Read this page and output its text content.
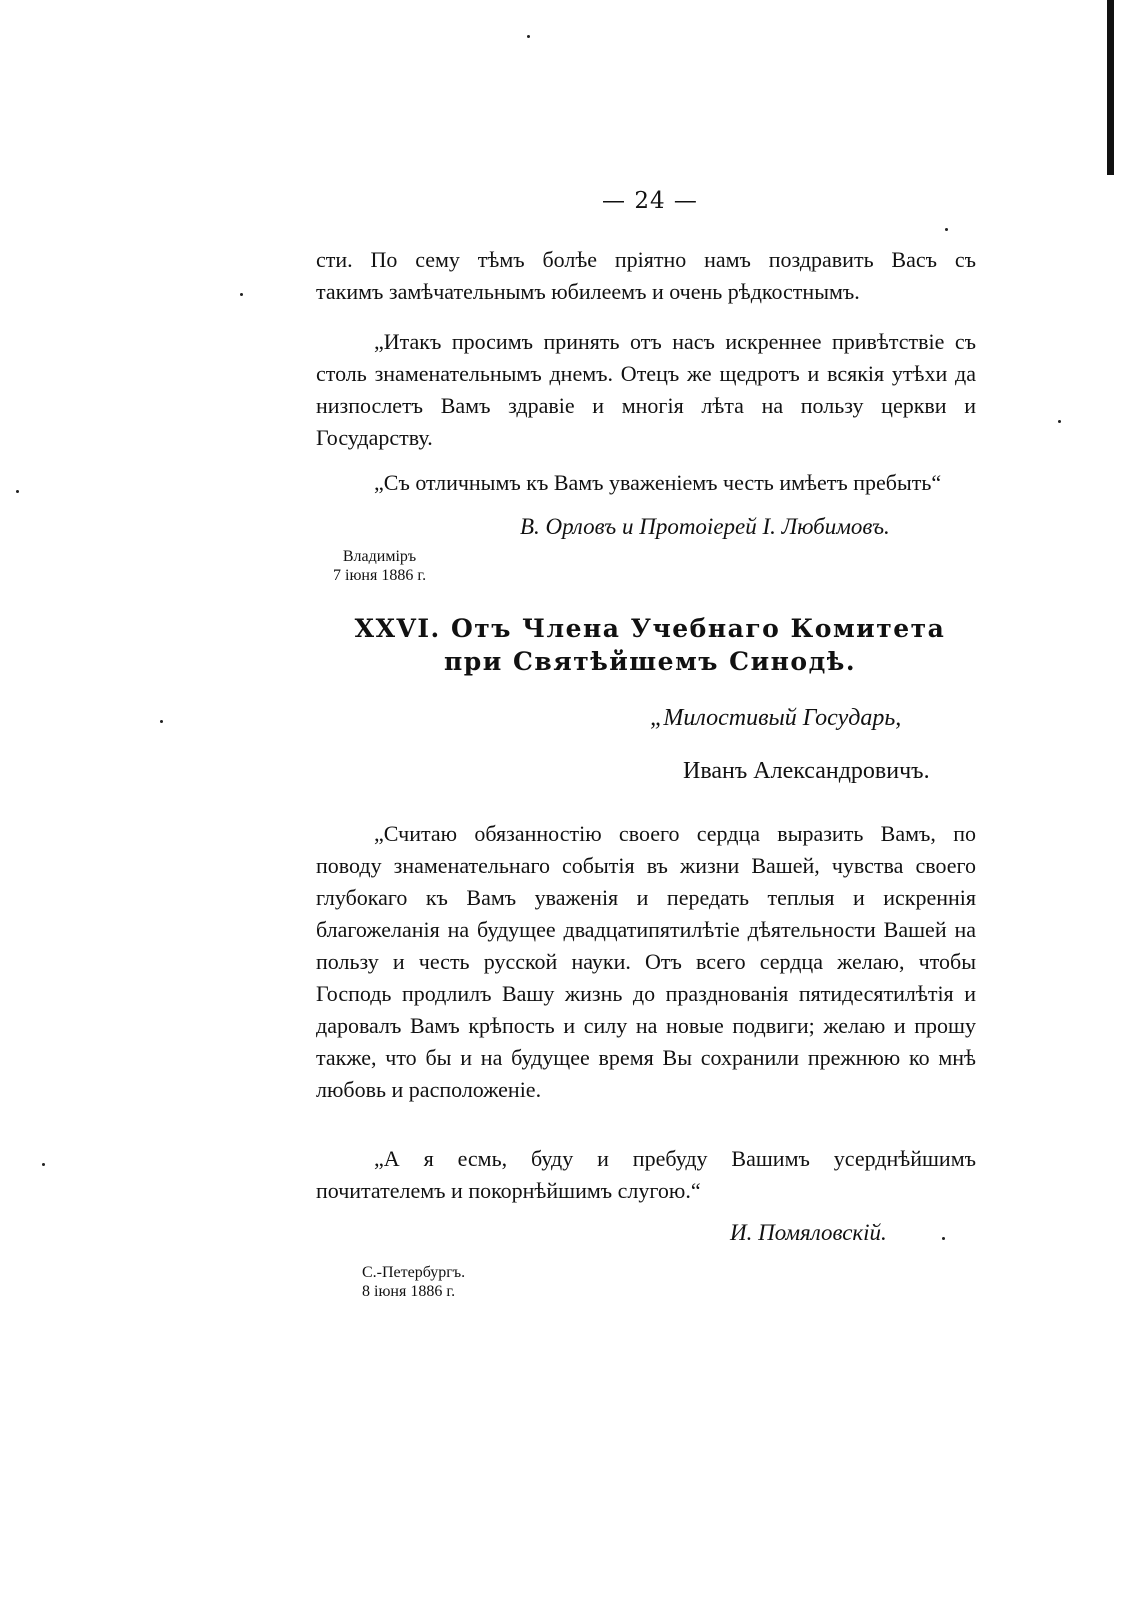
— 24 —
сти. По сему тѣмъ болѣе пріятно намъ поздравить Васъ съ
такимъ замѣчательнымъ юбилеемъ и очень рѣдкостнымъ.

„Итакъ просимъ принять отъ насъ искреннее привѣтствіе съ столь знаменательнымъ днемъ. Отецъ же щедротъ и всякія утѣхи да низпослетъ Вамъ здравіе и многія лѣта на пользу церкви и Государству.

„Съ отличнымъ къ Вамъ уваженіемъ честь имѣетъ пребыть“

В. Орловъ и Протоіерей І. Любимовъ.
Владиміръ
7 іюня 1886 г.
XXVI. Отъ Члена Учебнаго Комитета
при Святѣйшемъ Синодѣ.
„Милостивый Государь,
Иванъ Александровичъ.

„Считаю обязанностію своего сердца выразить Вамъ, по поводу знаменательнаго событія въ жизни Вашей, чувства своего глубокаго къ Вамъ уваженія и передать теплыя и искреннія благожеланія на будущее двадцатипятилѣтіе дѣятельности Вашей на пользу и честь русской науки. Отъ всего сердца желаю, чтобы Господь продлилъ Вашу жизнь до празднованія пятидесятилѣтія и даровалъ Вамъ крѣпость и силу на новые подвиги; желаю и прошу также, что бы и на будущее время Вы сохранили прежнюю ко мнѣ любовь и расположеніе.

„А я есмь, буду и пребуду Вашимъ усерднѣйшимъ почитателемъ и покорнѣйшимъ слугою.“

И. Помяловскій.
С.-Петербургъ.
8 іюня 1886 г.
